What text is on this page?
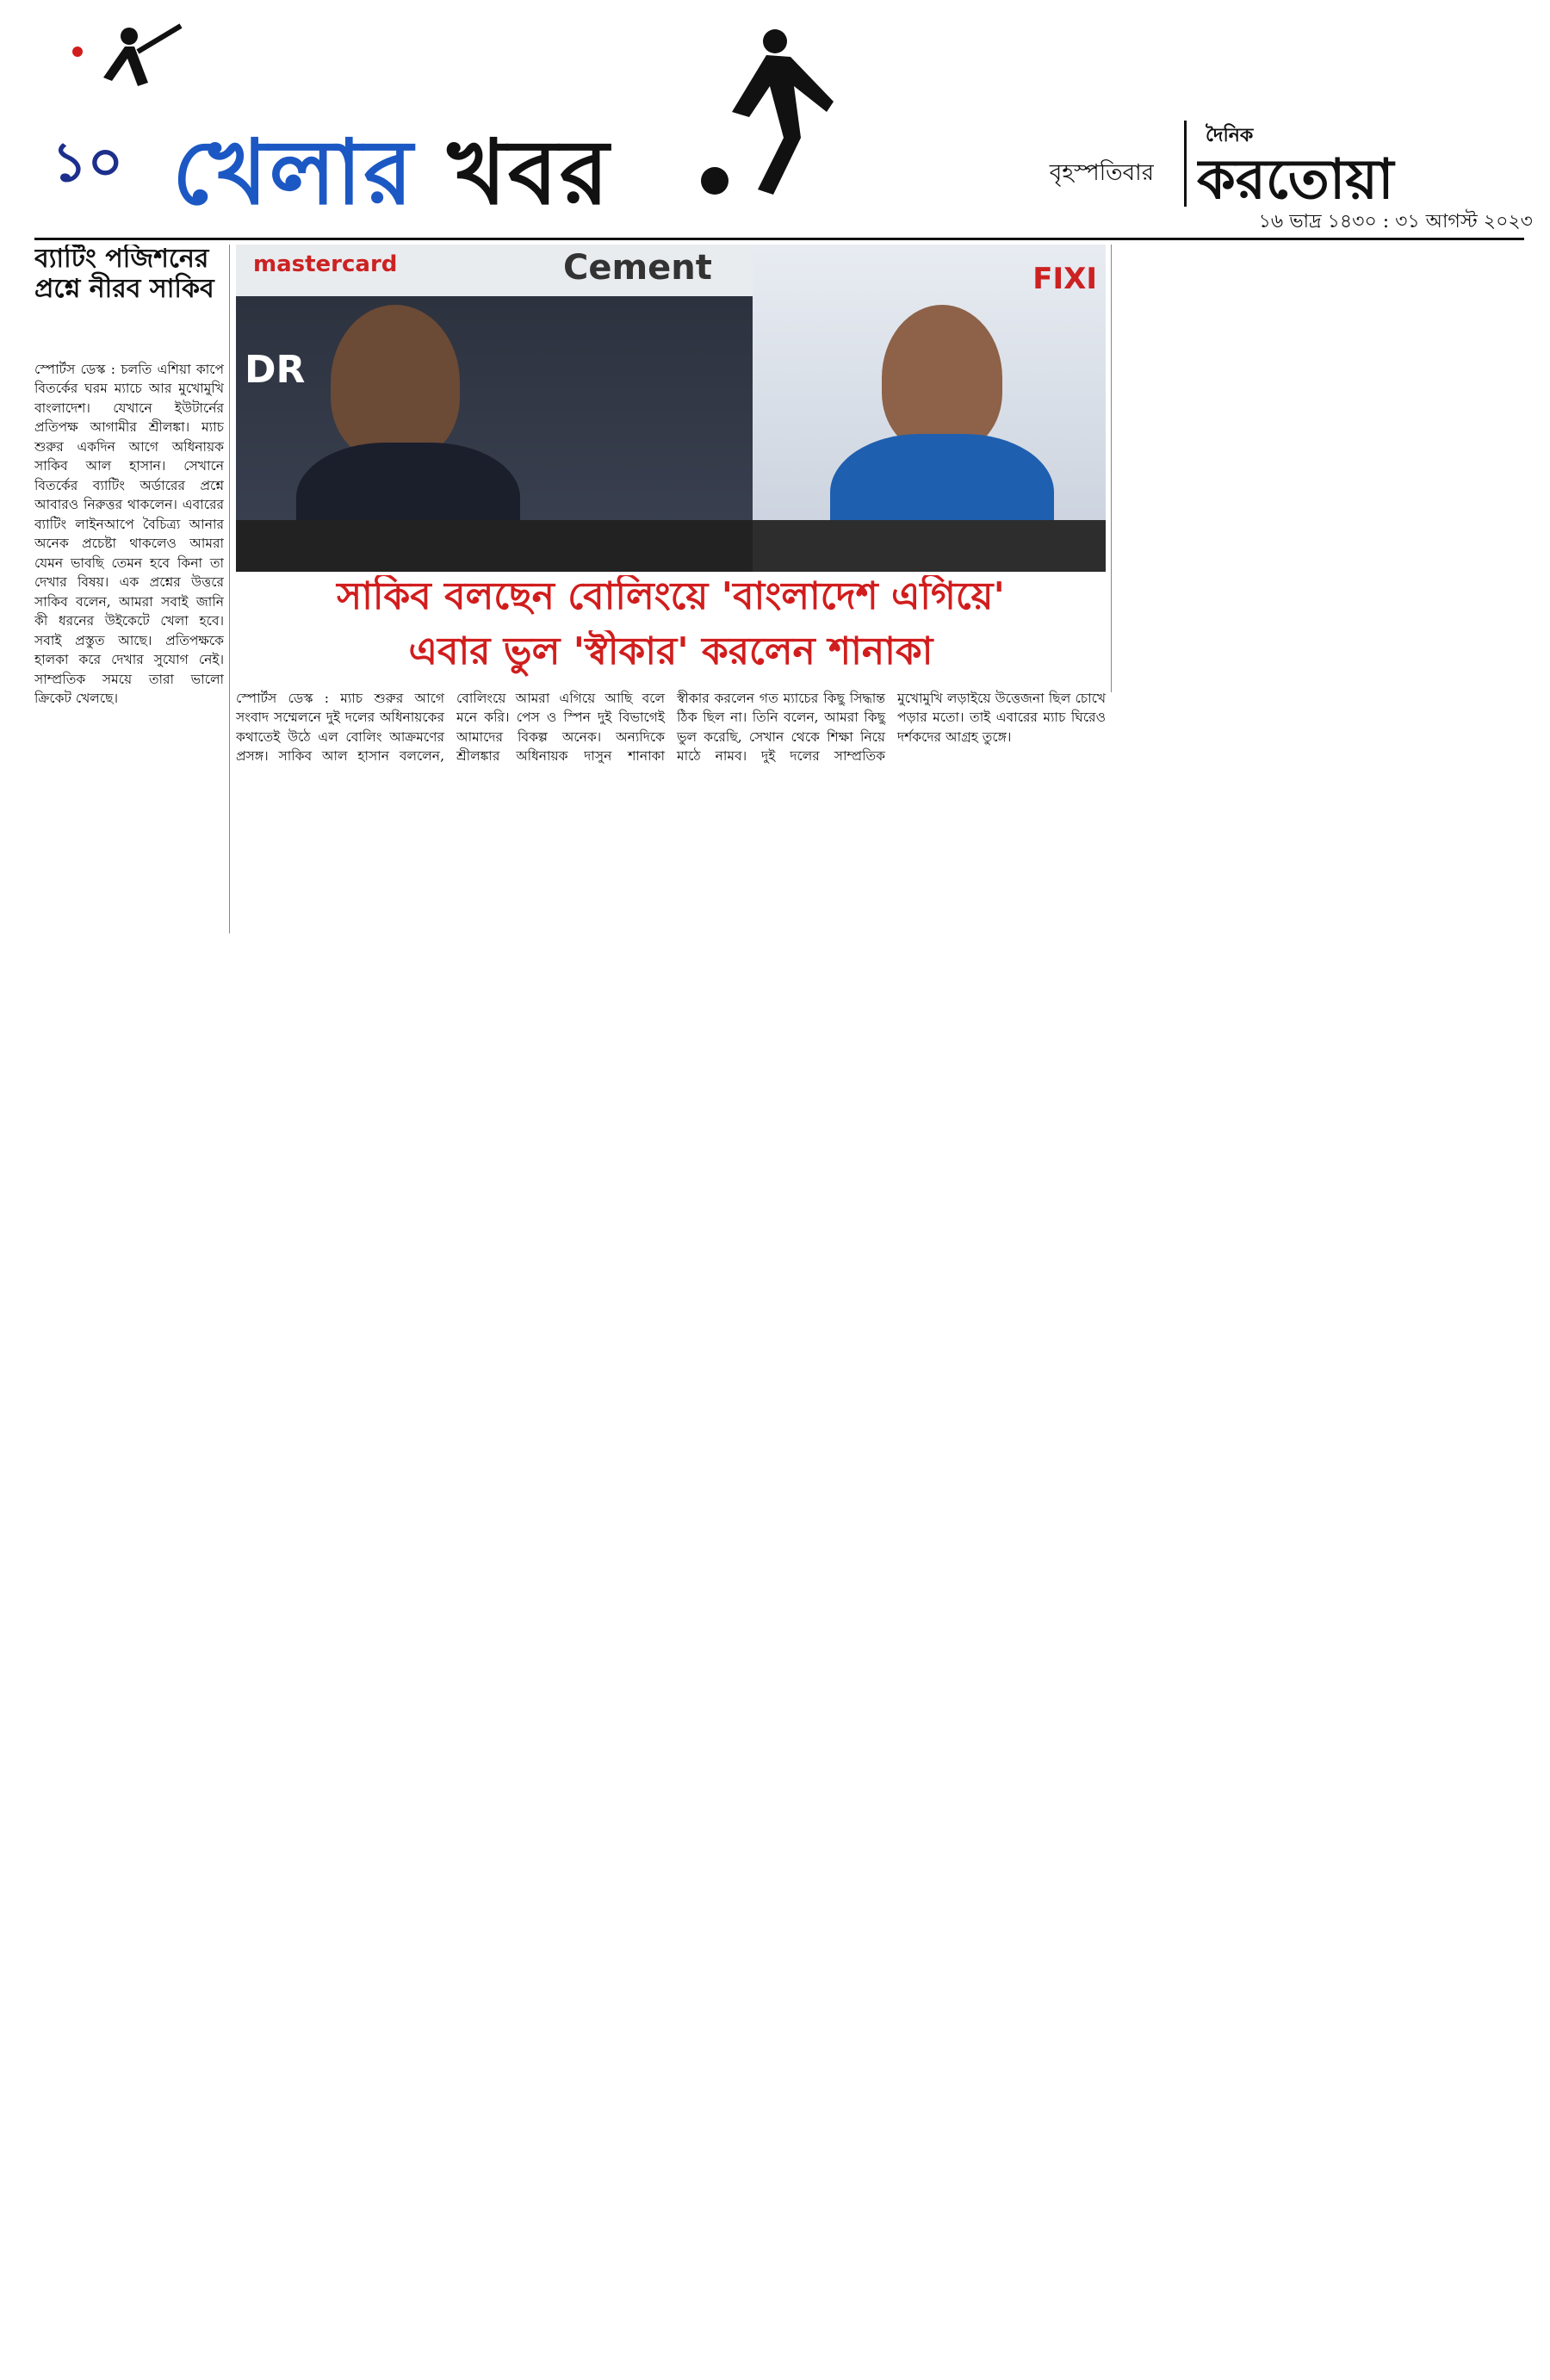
১০ খেলার খবর	বৃহস্পতিবার
দৈনিক
করতোয়া
১৬ ভাদ্র ১৪৩০ : ৩১ আগস্ট ২০২৩
ব্যাটিং পজিশনের প্রশ্নে নীরব সাকিব
স্পোর্টস ডেস্ক : চলতি এশিয়া কাপে বিতর্কের ঘরম ম্যাচে আর মুখোমুখি বাংলাদেশ। যেখানে ইউটার্নের প্রতিপক্ষ আগামীর শ্রীলঙ্কা। ম্যাচ শুরুর একদিন আগে অধিনায়ক সাকিব আল হাসান। সেখানে বিতর্কের ব্যাটিং অর্ডারের প্রশ্নে আবারও নিরুত্তর থাকলেন। এবারের ব্যাটিং লাইনআপে বৈচিত্র্য আনার অনেক প্রচেষ্টা থাকলেও আমরা যেমন ভাবছি তেমন হবে কিনা তা দেখার বিষয়। এক প্রশ্নের উত্তরে সাকিব বলেন, আমরা সবাই জানি কী ধরনের উইকেটে খেলা হবে। সবাই প্রস্তুত আছে। প্রতিপক্ষকে হালকা করে দেখার সুযোগ নেই। সাম্প্রতিক সময়ে তারা ভালো ক্রিকেট খেলছে।
mastercard	Cement
DR
FIXI
সাকিব বলছেন বোলিংয়ে 'বাংলাদেশ এগিয়ে'
এবার ভুল 'স্বীকার' করলেন শানাকা
স্পোর্টস ডেস্ক : ম্যাচ শুরুর আগে সংবাদ সম্মেলনে দুই দলের অধিনায়কের কথাতেই উঠে এল বোলিং আক্রমণের প্রসঙ্গ। সাকিব আল হাসান বললেন, বোলিংয়ে আমরা এগিয়ে আছি বলে মনে করি। পেস ও স্পিন দুই বিভাগেই আমাদের বিকল্প অনেক। অন্যদিকে শ্রীলঙ্কার অধিনায়ক দাসুন শানাকা স্বীকার করলেন গত ম্যাচের কিছু সিদ্ধান্ত ঠিক ছিল না। তিনি বলেন, আমরা কিছু ভুল করেছি, সেখান থেকে শিক্ষা নিয়ে মাঠে নামব। দুই দলের সাম্প্রতিক মুখোমুখি লড়াইয়ে উত্তেজনা ছিল চোখে পড়ার মতো। তাই এবারের ম্যাচ ঘিরেও দর্শকদের আগ্রহ তুঙ্গে।
